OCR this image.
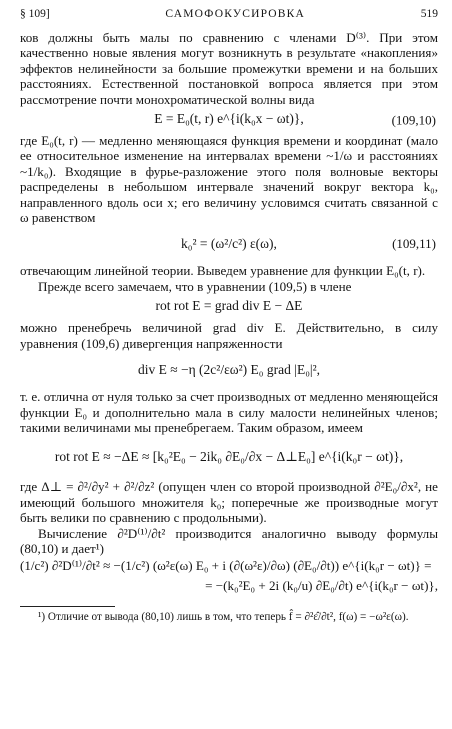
§ 109]	САМОФОКУСИРОВКА	519

ков должны быть малы по сравнению с членами D⁽³⁾. При этом качественно новые явления могут возникнуть в результате «накопления» эффектов нелинейности за большие промежутки времени и на больших расстояниях. Естественной постановкой вопроса является при этом рассмотрение почти монохроматической волны вида

E = E₀(t, r) e^{i(k₀x − ωt)},	(109,10)

где E₀(t, r) — медленно меняющаяся функция времени и координат (мало ее относительное изменение на интервалах времени ~1/ω и расстояниях ~1/k₀). Входящие в фурье-разложение этого поля волновые векторы распределены в небольшом интервале значений вокруг вектора k₀, направленного вдоль оси x; его величину условимся считать связанной с ω равенством

k₀² = (ω²/c²) ε(ω),	(109,11)

отвечающим линейной теории. Выведем уравнение для функции E₀(t, r).

Прежде всего замечаем, что в уравнении (109,5) в члене

rot rot E = grad div E − ΔE

можно пренебречь величиной grad div E. Действительно, в силу уравнения (109,6) дивергенция напряженности

div E ≈ −η (2c²/εω²) E₀ grad |E₀|²,

т. е. отлична от нуля только за счет производных от медленно меняющейся функции E₀ и дополнительно мала в силу малости нелинейных членов; такими величинами мы пренебрегаем. Таким образом, имеем

rot rot E ≈ −ΔE ≈ [k₀²E₀ − 2ik₀ ∂E₀/∂x − Δ⊥E₀] e^{i(k₀r − ωt)},

где Δ⊥ = ∂²/∂y² + ∂²/∂z² (опущен член со второй производной ∂²E₀/∂x², не имеющий большого множителя k₀; поперечные же производные могут быть велики по сравнению с продольными).

Вычисление ∂²D⁽¹⁾/∂t² производится аналогично выводу формулы (80,10) и дает¹)

(1/c²) ∂²D⁽¹⁾/∂t² ≈ −(1/c²) (ω²ε(ω) E₀ + i (∂(ω²ε)/∂ω) (∂E₀/∂t)) e^{i(k₀r − ωt)} =
= −(k₀²E₀ + 2i (k₀/u) ∂E₀/∂t) e^{i(k₀r − ωt)},

¹) Отличие от вывода (80,10) лишь в том, что теперь f̂ = ∂²ε̂/∂t², f(ω) = −ω²ε(ω).
